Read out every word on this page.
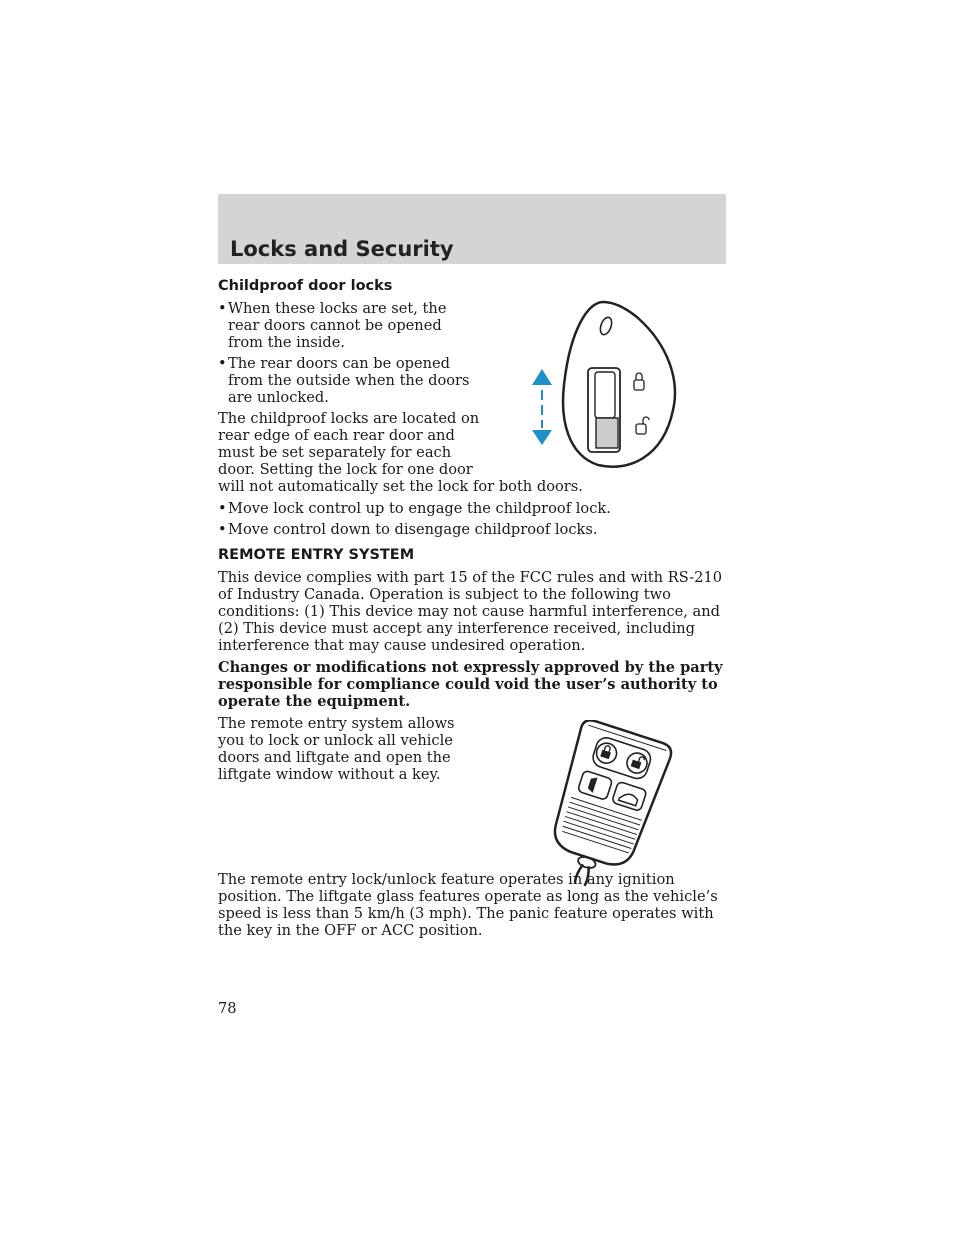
Locks and Security
Childproof door locks
• When these locks are set, the rear doors cannot be opened from the inside.
• The rear doors can be opened from the outside when the doors are unlocked.
The childproof locks are located on rear edge of each rear door and must be set separately for each door. Setting the lock for one door
will not automatically set the lock for both doors.
• Move lock control up to engage the childproof lock.
• Move control down to disengage childproof locks.
REMOTE ENTRY SYSTEM
This device complies with part 15 of the FCC rules and with RS-210 of Industry Canada. Operation is subject to the following two conditions: (1) This device may not cause harmful interference, and (2) This device must accept any interference received, including interference that may cause undesired operation.
Changes or modifications not expressly approved by the party responsible for compliance could void the user’s authority to operate the equipment.
The remote entry system allows you to lock or unlock all vehicle doors and liftgate and open the liftgate window without a key.
The remote entry lock/unlock feature operates in any ignition position. The liftgate glass features operate as long as the vehicle’s speed is less than 5 km/h (3 mph). The panic feature operates with the key in the OFF or ACC position.
78
